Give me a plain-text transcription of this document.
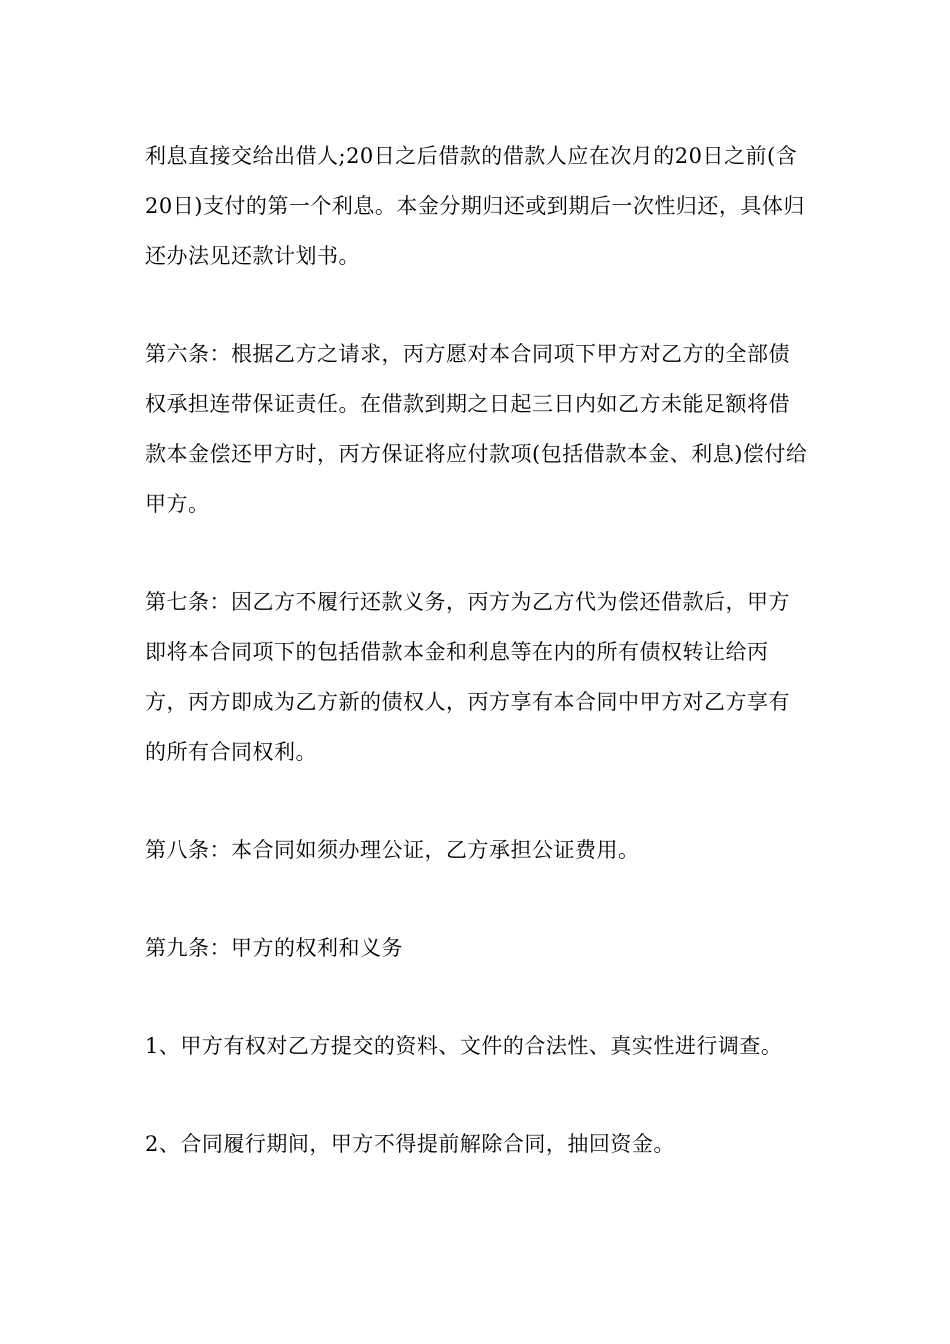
利息直接交给出借人;20日之后借款的借款人应在次月的20日之前(含20日)支付的第一个利息。本金分期归还或到期后一次性归还，具体归还办法见还款计划书。

第六条：根据乙方之请求，丙方愿对本合同项下甲方对乙方的全部债权承担连带保证责任。在借款到期之日起三日内如乙方未能足额将借款本金偿还甲方时，丙方保证将应付款项(包括借款本金、利息)偿付给甲方。

第七条：因乙方不履行还款义务，丙方为乙方代为偿还借款后，甲方即将本合同项下的包括借款本金和利息等在内的所有债权转让给丙方，丙方即成为乙方新的债权人，丙方享有本合同中甲方对乙方享有的所有合同权利。

第八条：本合同如须办理公证，乙方承担公证费用。

第九条：甲方的权利和义务

1、甲方有权对乙方提交的资料、文件的合法性、真实性进行调查。

2、合同履行期间，甲方不得提前解除合同，抽回资金。
